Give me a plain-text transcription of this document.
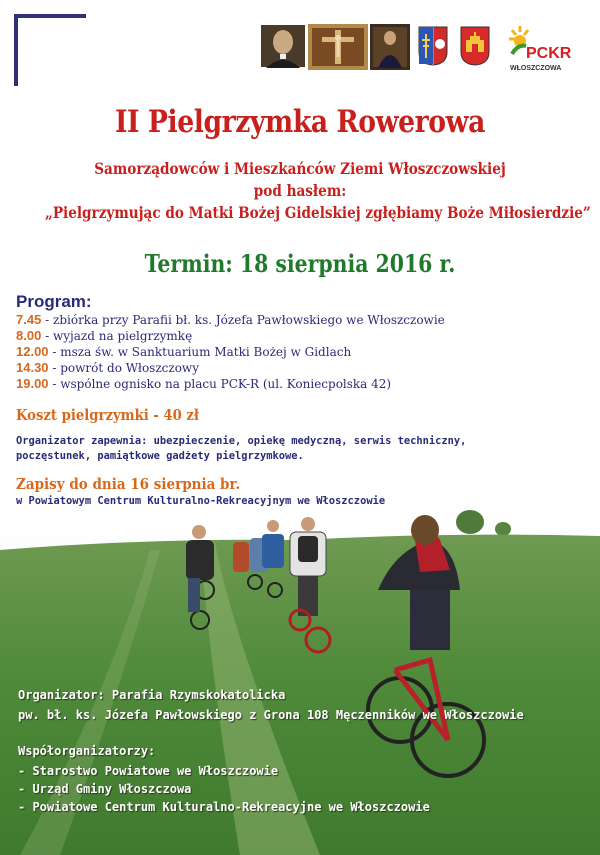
PCKR
WŁOSZCZOWA
II Pielgrzymka Rowerowa
Samorządowców i Mieszkańców Ziemi Włoszczowskiej
pod hasłem:
„Pielgrzymując do Matki Bożej Gidelskiej zgłębiamy Boże Miłosierdzie”
Termin: 18 sierpnia 2016 r.
Program:
7.45 - zbiórka przy Parafii bł. ks. Józefa Pawłowskiego we Włoszczowie
8.00 - wyjazd na pielgrzymkę
12.00 - msza św. w Sanktuarium Matki Bożej w Gidlach
14.30 - powrót do Włoszczowy
19.00 - wspólne ognisko na placu PCK-R (ul. Koniecpolska 42)
Koszt pielgrzymki - 40 zł
Organizator zapewnia: ubezpieczenie, opiekę medyczną, serwis techniczny,
poczęstunek, pamiątkowe gadżety pielgrzymkowe.
Zapisy do dnia 16 sierpnia br.
w Powiatowym Centrum Kulturalno-Rekreacyjnym we Włoszczowie
Organizator: Parafia Rzymskokatolicka
pw. bł. ks. Józefa Pawłowskiego z Grona 108 Męczenników we Włoszczowie
Współorganizatorzy:
- Starostwo Powiatowe we Włoszczowie
- Urząd Gminy Włoszczowa
- Powiatowe Centrum Kulturalno-Rekreacyjne we Włoszczowie
